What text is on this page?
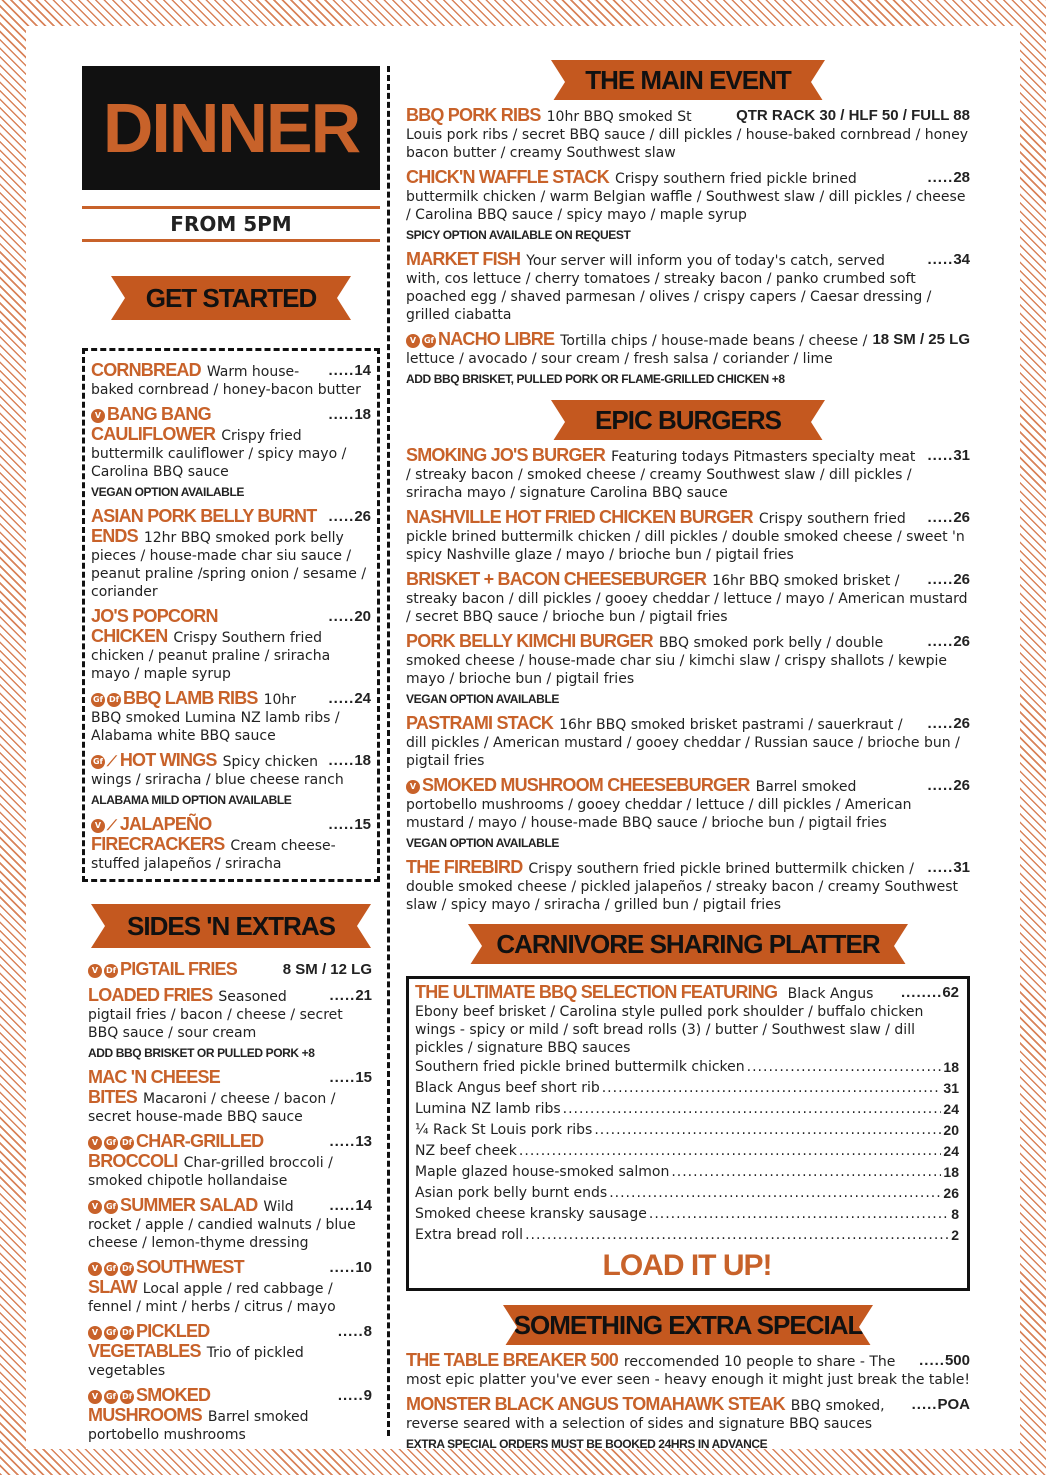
DINNER
FROM 5PM
GET STARTED
.....14
CORNBREAD Warm house-baked cornbread / honey-bacon butter
.....18
V BANG BANG CAULIFLOWER Crispy fried buttermilk cauliflower / spicy mayo / Carolina BBQ sauce
VEGAN OPTION AVAILABLE
.....26
ASIAN PORK BELLY BURNT ENDS 12hr BBQ smoked pork belly pieces / house-made char siu sauce / peanut praline /spring onion / sesame / coriander
.....20
JO'S POPCORN CHICKEN Crispy Southern fried chicken / peanut praline / sriracha mayo / maple syrup
.....24
Gf Df BBQ LAMB RIBS 10hr BBQ smoked Lumina NZ lamb ribs / Alabama white BBQ sauce
.....18
Gf ⟋ HOT WINGS Spicy chicken wings / sriracha / blue cheese ranch
ALABAMA MILD OPTION AVAILABLE
.....15
V ⟋ JALAPEÑO FIRECRACKERS Cream cheese-stuffed jalapeños / sriracha
SIDES 'N EXTRAS
8 SM / 12 LG
V Df PIGTAIL FRIES
.....21
LOADED FRIES Seasoned pigtail fries / bacon / cheese / secret BBQ sauce / sour cream
ADD BBQ BRISKET OR PULLED PORK +8
.....15
MAC 'N CHEESE BITES Macaroni / cheese / bacon / secret house-made BBQ sauce
.....13
V Gf Df CHAR-GRILLED BROCCOLI Char-grilled broccoli / smoked chipotle hollandaise
.....14
V Gf SUMMER SALAD Wild rocket / apple / candied walnuts / blue cheese / lemon-thyme dressing
.....10
V Gf Df SOUTHWEST SLAW Local apple / red cabbage / fennel / mint / herbs / citrus / mayo
.....8
V Gf Df PICKLED VEGETABLES Trio of pickled vegetables
.....9
V Gf Df SMOKED MUSHROOMS Barrel smoked portobello mushrooms
THE MAIN EVENT
QTR RACK 30 / HLF 50 / FULL 88
BBQ PORK RIBS 10hr BBQ smoked St Louis pork ribs / secret BBQ sauce / dill pickles / house-baked cornbread / honey bacon butter / creamy Southwest slaw
.....28
CHICK'N WAFFLE STACK Crispy southern fried pickle brined buttermilk chicken / warm Belgian waffle / Southwest slaw / dill pickles / cheese / Carolina BBQ sauce / spicy mayo / maple syrup
SPICY OPTION AVAILABLE ON REQUEST
.....34
MARKET FISH Your server will inform you of today's catch, served with, cos lettuce / cherry tomatoes / streaky bacon / panko crumbed soft poached egg / shaved parmesan / olives / crispy capers / Caesar dressing / grilled ciabatta
18 SM / 25 LG
V Gf NACHO LIBRE Tortilla chips / house-made beans / cheese / lettuce / avocado / sour cream / fresh salsa / coriander / lime
ADD BBQ BRISKET, PULLED PORK OR FLAME-GRILLED CHICKEN +8
EPIC BURGERS
.....31
SMOKING JO'S BURGER Featuring todays Pitmasters specialty meat / streaky bacon / smoked cheese / creamy Southwest slaw / dill pickles / sriracha mayo / signature Carolina BBQ sauce
.....26
NASHVILLE HOT FRIED CHICKEN BURGER Crispy southern fried pickle brined buttermilk chicken / dill pickles / double smoked cheese / sweet 'n spicy Nashville glaze / mayo / brioche bun / pigtail fries
.....26
BRISKET + BACON CHEESEBURGER 16hr BBQ smoked brisket / streaky bacon / dill pickles / gooey cheddar / lettuce / mayo / American mustard / secret BBQ sauce / brioche bun / pigtail fries
.....26
PORK BELLY KIMCHI BURGER BBQ smoked pork belly / double smoked cheese / house-made char siu / kimchi slaw / crispy shallots / kewpie mayo / brioche bun / pigtail fries
VEGAN OPTION AVAILABLE
.....26
PASTRAMI STACK 16hr BBQ smoked brisket pastrami / sauerkraut / dill pickles / American mustard / gooey cheddar / Russian sauce / brioche bun / pigtail fries
.....26
V SMOKED MUSHROOM CHEESEBURGER Barrel smoked portobello mushrooms / gooey cheddar / lettuce / dill pickles / American mustard / mayo / house-made BBQ sauce / brioche bun / pigtail fries
VEGAN OPTION AVAILABLE
.....31
THE FIREBIRD Crispy southern fried pickle brined buttermilk chicken / double smoked cheese / pickled jalapeños / streaky bacon / creamy Southwest slaw / spicy mayo / sriracha / grilled bun / pigtail fries
CARNIVORE SHARING PLATTER
........62
THE ULTIMATE BBQ SELECTION FEATURING Black Angus Ebony beef brisket / Carolina style pulled pork shoulder / buffalo chicken wings - spicy or mild / soft bread rolls (3) / butter / Southwest slaw / dill pickles / signature BBQ sauces
Southern fried pickle brined buttermilk chicken .....	18
Black Angus beef short rib .....	31
Lumina NZ lamb ribs .....	24
¼ Rack St Louis pork ribs .....	20
NZ beef cheek .....	24
Maple glazed house-smoked salmon .....	18
Asian pork belly burnt ends .....	26
Smoked cheese kransky sausage .....	8
Extra bread roll .....	2
LOAD IT UP!
SOMETHING EXTRA SPECIAL
.....500
THE TABLE BREAKER 500 reccomended 10 people to share - The most epic platter you've ever seen - heavy enough it might just break the table!
.....POA
MONSTER BLACK ANGUS TOMAHAWK STEAK BBQ smoked, reverse seared with a selection of sides and signature BBQ sauces
EXTRA SPECIAL ORDERS MUST BE BOOKED 24HRS IN ADVANCE
